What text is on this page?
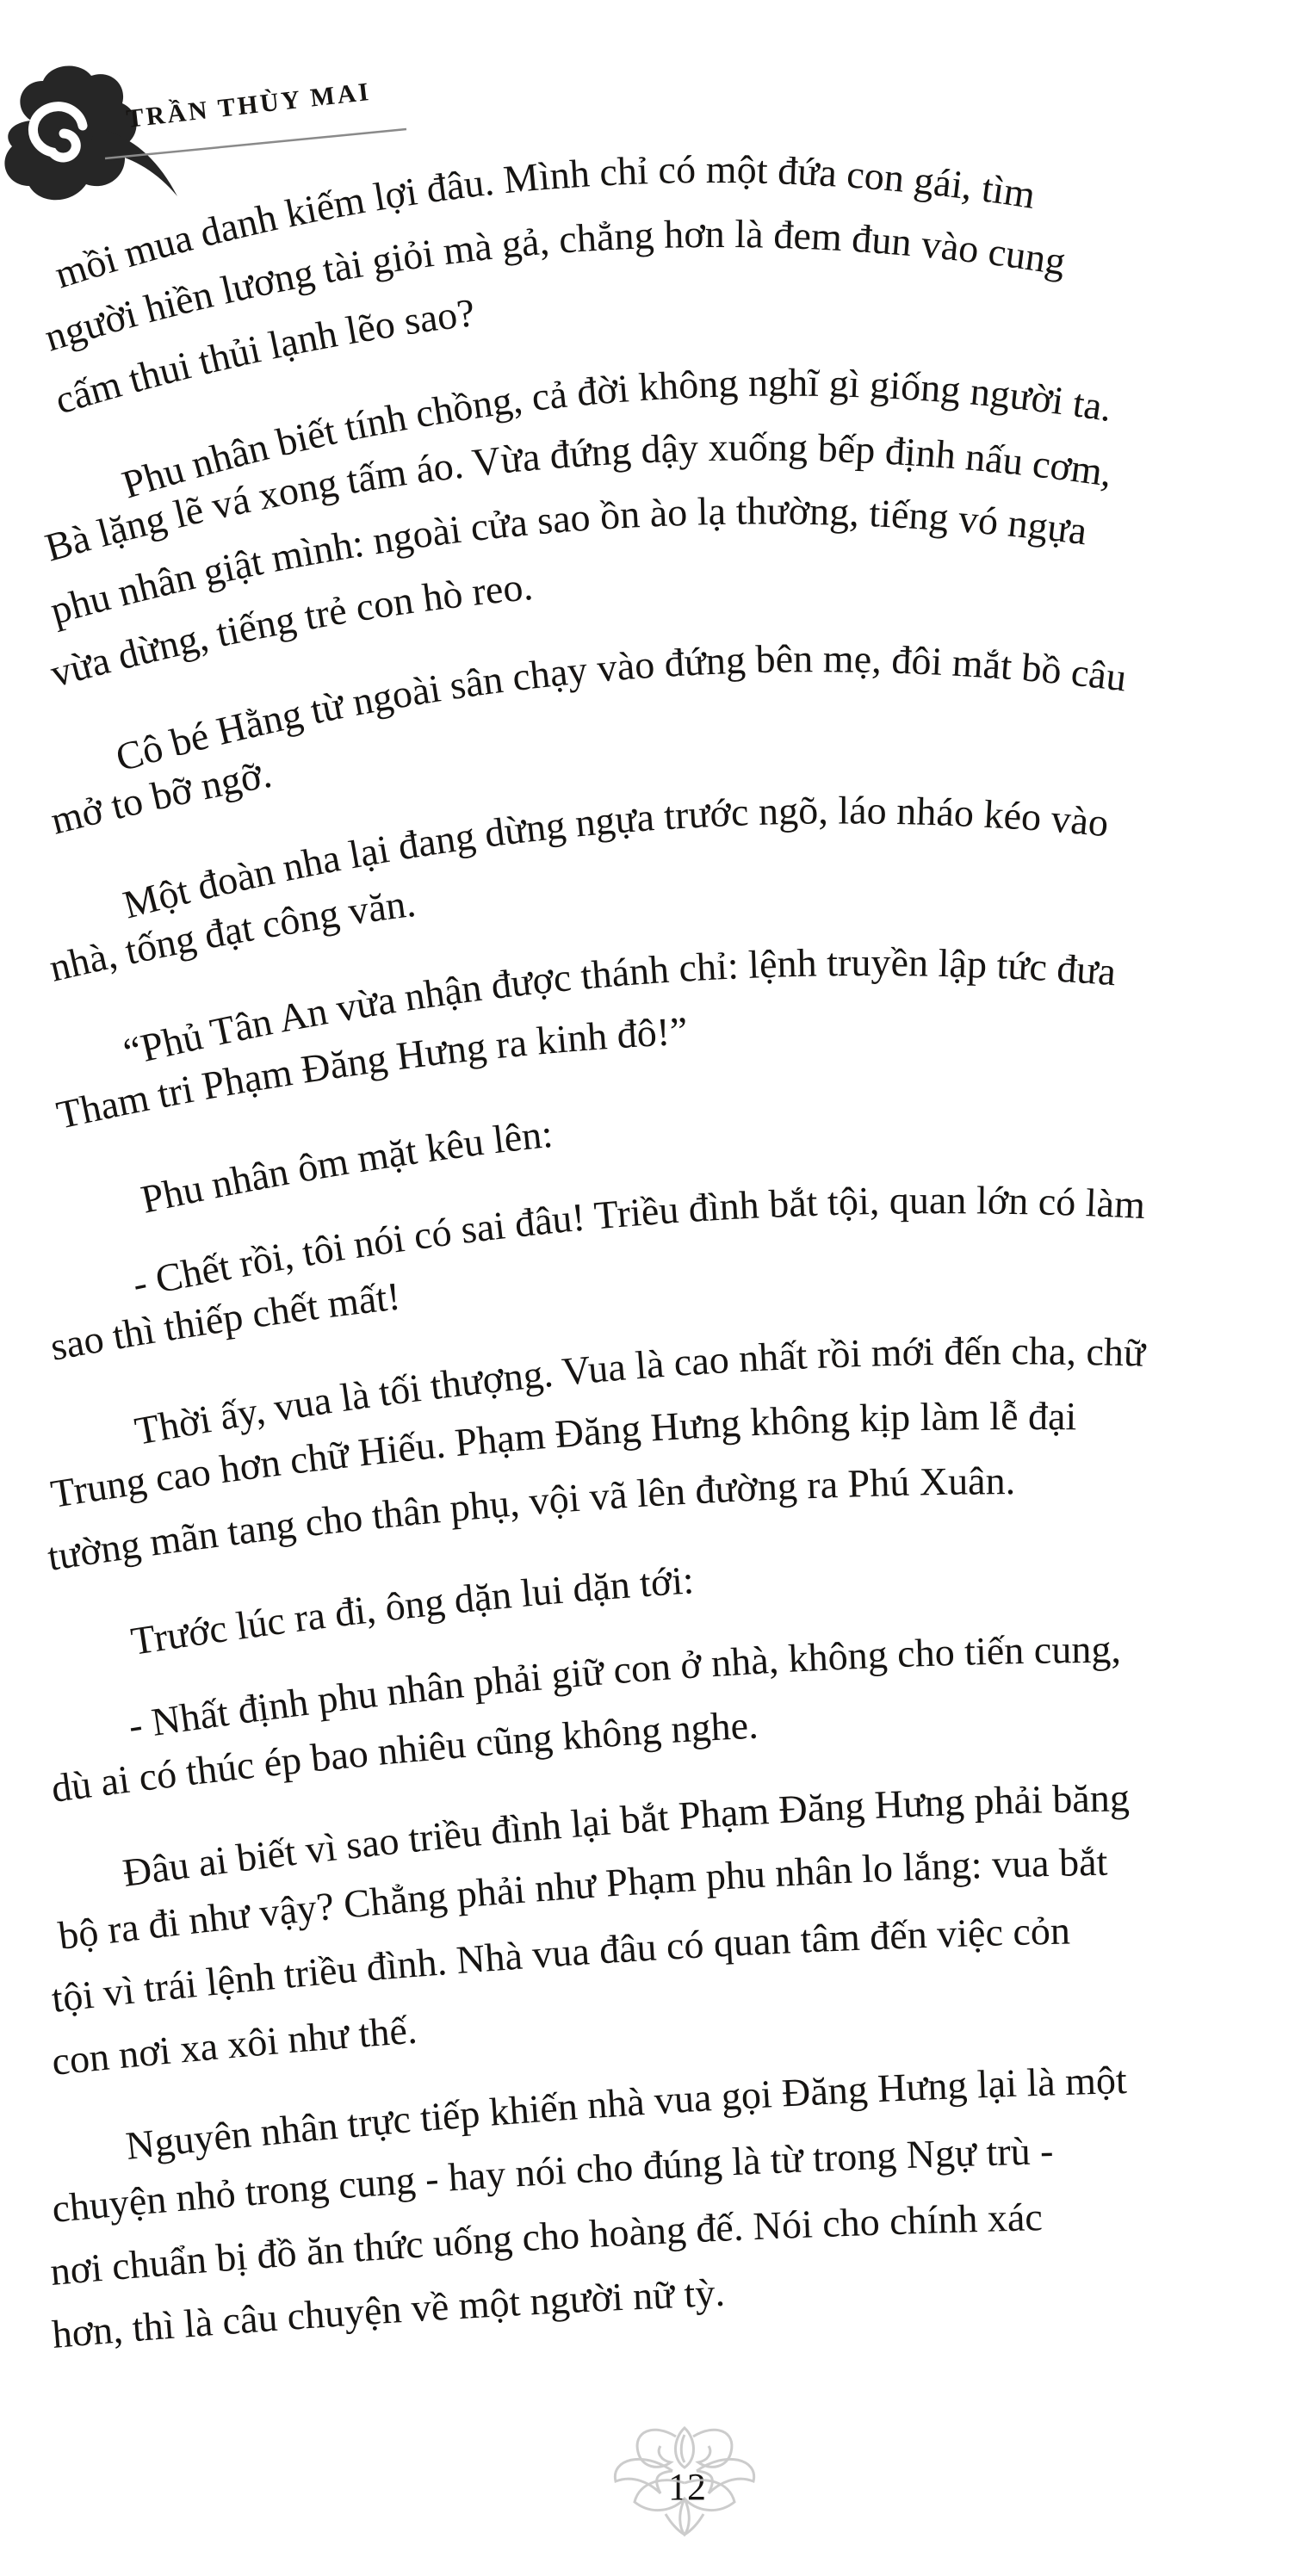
TRẦN THÙY MAI
mồi mua danh kiếm lợi đâu. Mình chỉ có một đứa con gái, tìm
người hiền lương tài giỏi mà gả, chẳng hơn là đem đun vào cung
cấm thui thủi lạnh lẽo sao?
Phu nhân biết tính chồng, cả đời không nghĩ gì giống người ta.
Bà lặng lẽ vá xong tấm áo. Vừa đứng dậy xuống bếp định nấu cơm,
phu nhân giật mình: ngoài cửa sao ồn ào lạ thường, tiếng vó ngựa
vừa dừng, tiếng trẻ con hò reo.
Cô bé Hằng từ ngoài sân chạy vào đứng bên mẹ, đôi mắt bồ câu
mở to bỡ ngỡ.
Một đoàn nha lại đang dừng ngựa trước ngõ, láo nháo kéo vào
nhà, tống đạt công văn.
“Phủ Tân An vừa nhận được thánh chỉ: lệnh truyền lập tức đưa
Tham tri Phạm Đăng Hưng ra kinh đô!”
Phu nhân ôm mặt kêu lên:
- Chết rồi, tôi nói có sai đâu! Triều đình bắt tội, quan lớn có làm
sao thì thiếp chết mất!
Thời ấy, vua là tối thượng. Vua là cao nhất rồi mới đến cha, chữ
Trung cao hơn chữ Hiếu. Phạm Đăng Hưng không kịp làm lễ đại
tường mãn tang cho thân phụ, vội vã lên đường ra Phú Xuân.
Trước lúc ra đi, ông dặn lui dặn tới:
- Nhất định phu nhân phải giữ con ở nhà, không cho tiến cung,
dù ai có thúc ép bao nhiêu cũng không nghe.
Đâu ai biết vì sao triều đình lại bắt Phạm Đăng Hưng phải băng
bộ ra đi như vậy? Chẳng phải như Phạm phu nhân lo lắng: vua bắt
tội vì trái lệnh triều đình. Nhà vua đâu có quan tâm đến việc cỏn
con nơi xa xôi như thế.
Nguyên nhân trực tiếp khiến nhà vua gọi Đăng Hưng lại là một
chuyện nhỏ trong cung - hay nói cho đúng là từ trong Ngự trù -
nơi chuẩn bị đồ ăn thức uống cho hoàng đế. Nói cho chính xác
hơn, thì là câu chuyện về một người nữ tỳ.
12
